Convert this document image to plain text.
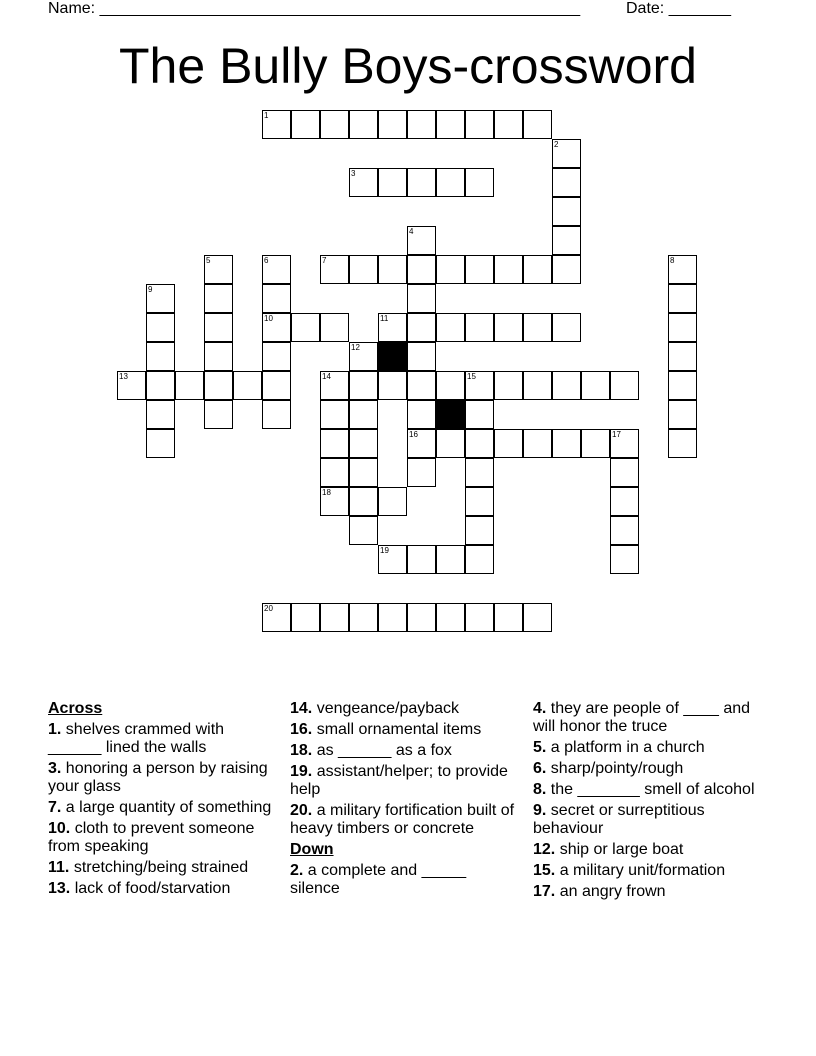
Name: ______________________________________________________	Date: _______
The Bully Boys-crossword
1
2
3
4
16
5	6
10
7	8
9
11
12
13	14	15
18
17
19
20
Across
1. shelves crammed with ______ lined the walls
3. honoring a person by raising your glass
7. a large quantity of something
10. cloth to prevent someone from speaking
11. stretching/being strained
13. lack of food/starvation
14. vengeance/payback
16. small ornamental items
18. as ______ as a fox
19. assistant/helper; to provide help
20. a military fortification built of heavy timbers or concrete
Down
2. a complete and _____ silence
4. they are people of ____ and will honor the truce
5. a platform in a church
6. sharp/pointy/rough
8. the _______ smell of alcohol
9. secret or surreptitious behaviour
12. ship or large boat
15. a military unit/formation
17. an angry frown
